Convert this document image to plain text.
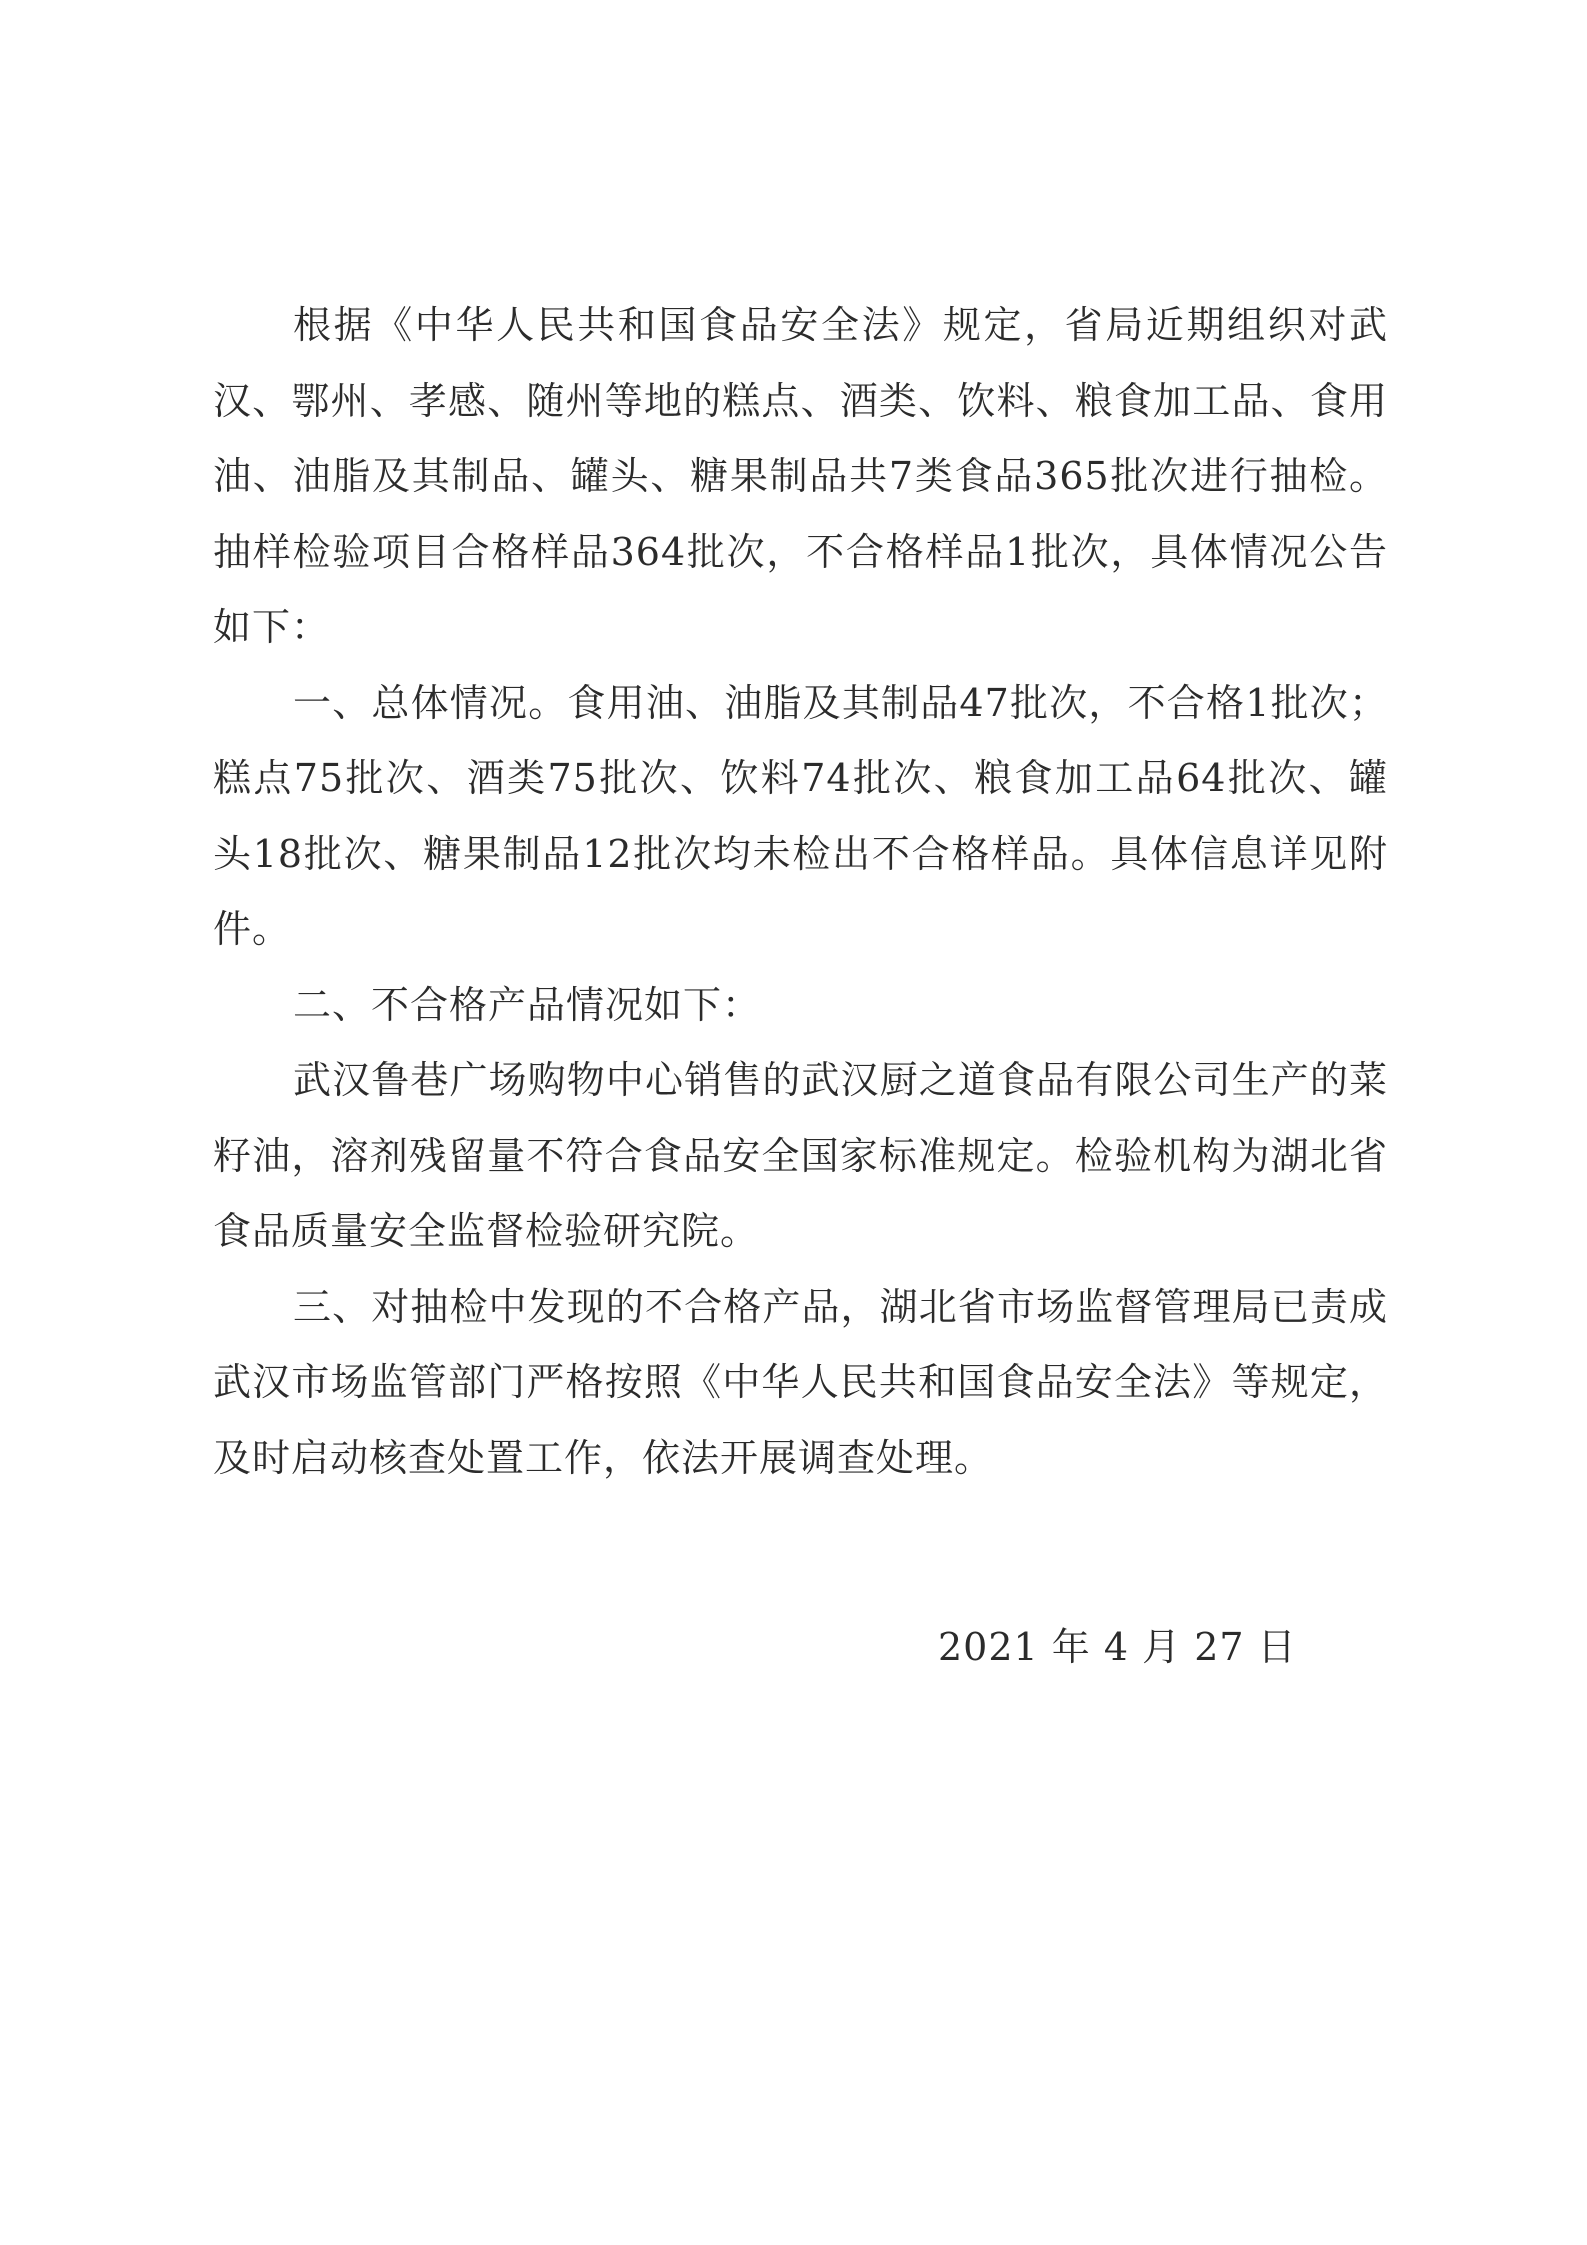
根据《中华人民共和国食品安全法》规定，省局近期组织对武汉、鄂州、孝感、随州等地的糕点、酒类、饮料、粮食加工品、食用油、油脂及其制品、罐头、糖果制品共7类食品365批次进行抽检。抽样检验项目合格样品364批次，不合格样品1批次，具体情况公告如下：

一、总体情况。食用油、油脂及其制品47批次，不合格1批次；糕点75批次、酒类75批次、饮料74批次、粮食加工品64批次、罐头18批次、糖果制品12批次均未检出不合格样品。具体信息详见附件。

二、不合格产品情况如下：

武汉鲁巷广场购物中心销售的武汉厨之道食品有限公司生产的菜籽油，溶剂残留量不符合食品安全国家标准规定。检验机构为湖北省食品质量安全监督检验研究院。

三、对抽检中发现的不合格产品，湖北省市场监督管理局已责成武汉市场监管部门严格按照《中华人民共和国食品安全法》等规定，及时启动核查处置工作，依法开展调查处理。

2021 年 4 月 27 日
